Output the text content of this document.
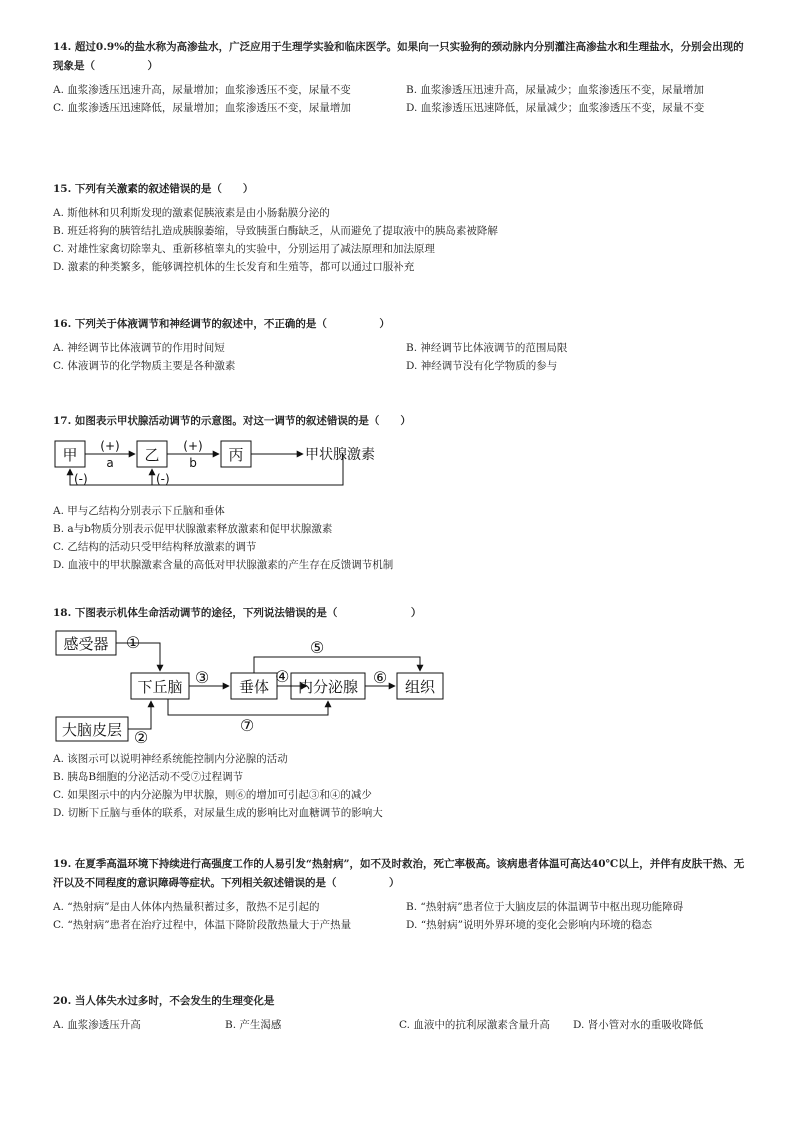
14. 超过0.9%的盐水称为高渗盐水，广泛应用于生理学实验和临床医学。如果向一只实验狗的颈动脉内分别灌注高渗盐水和生理盐水，分别会出现的现象是（　　　　　）
A. 血浆渗透压迅速升高，尿量增加；血浆渗透压不变，尿量不变	B. 血浆渗透压迅速升高，尿量减少；血浆渗透压不变，尿量增加
C. 血浆渗透压迅速降低，尿量增加；血浆渗透压不变，尿量增加	D. 血浆渗透压迅速降低，尿量减少；血浆渗透压不变，尿量不变
15. 下列有关激素的叙述错误的是（　　）
A. 斯他林和贝利斯发现的激素促胰液素是由小肠黏膜分泌的
B. 班廷将狗的胰管结扎造成胰腺萎缩，导致胰蛋白酶缺乏，从而避免了提取液中的胰岛素被降解
C. 对雄性家禽切除睾丸、重新移植睾丸的实验中，分别运用了减法原理和加法原理
D. 激素的种类繁多，能够调控机体的生长发育和生殖等，都可以通过口服补充
16. 下列关于体液调节和神经调节的叙述中，不正确的是（　　　　　）
A. 神经调节比体液调节的作用时间短	B. 神经调节比体液调节的范围局限
C. 体液调节的化学物质主要是各种激素	D. 神经调节没有化学物质的参与
17. 如图表示甲状腺活动调节的示意图。对这一调节的叙述错误的是（　　）
甲 (+)
a 乙 (+)
b 丙	甲状腺激素
(-)	(-)
A. 甲与乙结构分别表示下丘脑和垂体
B. a与b物质分别表示促甲状腺激素释放激素和促甲状腺激素
C. 乙结构的活动只受甲结构释放激素的调节
D. 血液中的甲状腺激素含量的高低对甲状腺激素的产生存在反馈调节机制
18. 下图表示机体生命活动调节的途径，下列说法错误的是（　　　　　　　）
感受器 ①
下丘脑 ③ 垂体
④
内分泌腺 ⑥ 组织
⑤
⑦
大脑皮层 ②
A. 该图示可以说明神经系统能控制内分泌腺的活动
B. 胰岛B细胞的分泌活动不受⑦过程调节
C. 如果图示中的内分泌腺为甲状腺，则⑥的增加可引起③和④的减少
D. 切断下丘脑与垂体的联系，对尿量生成的影响比对血糖调节的影响大
19. 在夏季高温环境下持续进行高强度工作的人易引发“热射病”，如不及时救治，死亡率极高。该病患者体温可高达40℃以上，并伴有皮肤干热、无汗以及不同程度的意识障碍等症状。下列相关叙述错误的是（　　　　　）
A. “热射病”是由人体体内热量积蓄过多，散热不足引起的	B. “热射病”患者位于大脑皮层的体温调节中枢出现功能障碍
C. “热射病”患者在治疗过程中，体温下降阶段散热量大于产热量	D. “热射病”说明外界环境的变化会影响内环境的稳态
20. 当人体失水过多时，不会发生的生理变化是
A. 血浆渗透压升高	B. 产生渴感	C. 血液中的抗利尿激素含量升高	D. 肾小管对水的重吸收降低
